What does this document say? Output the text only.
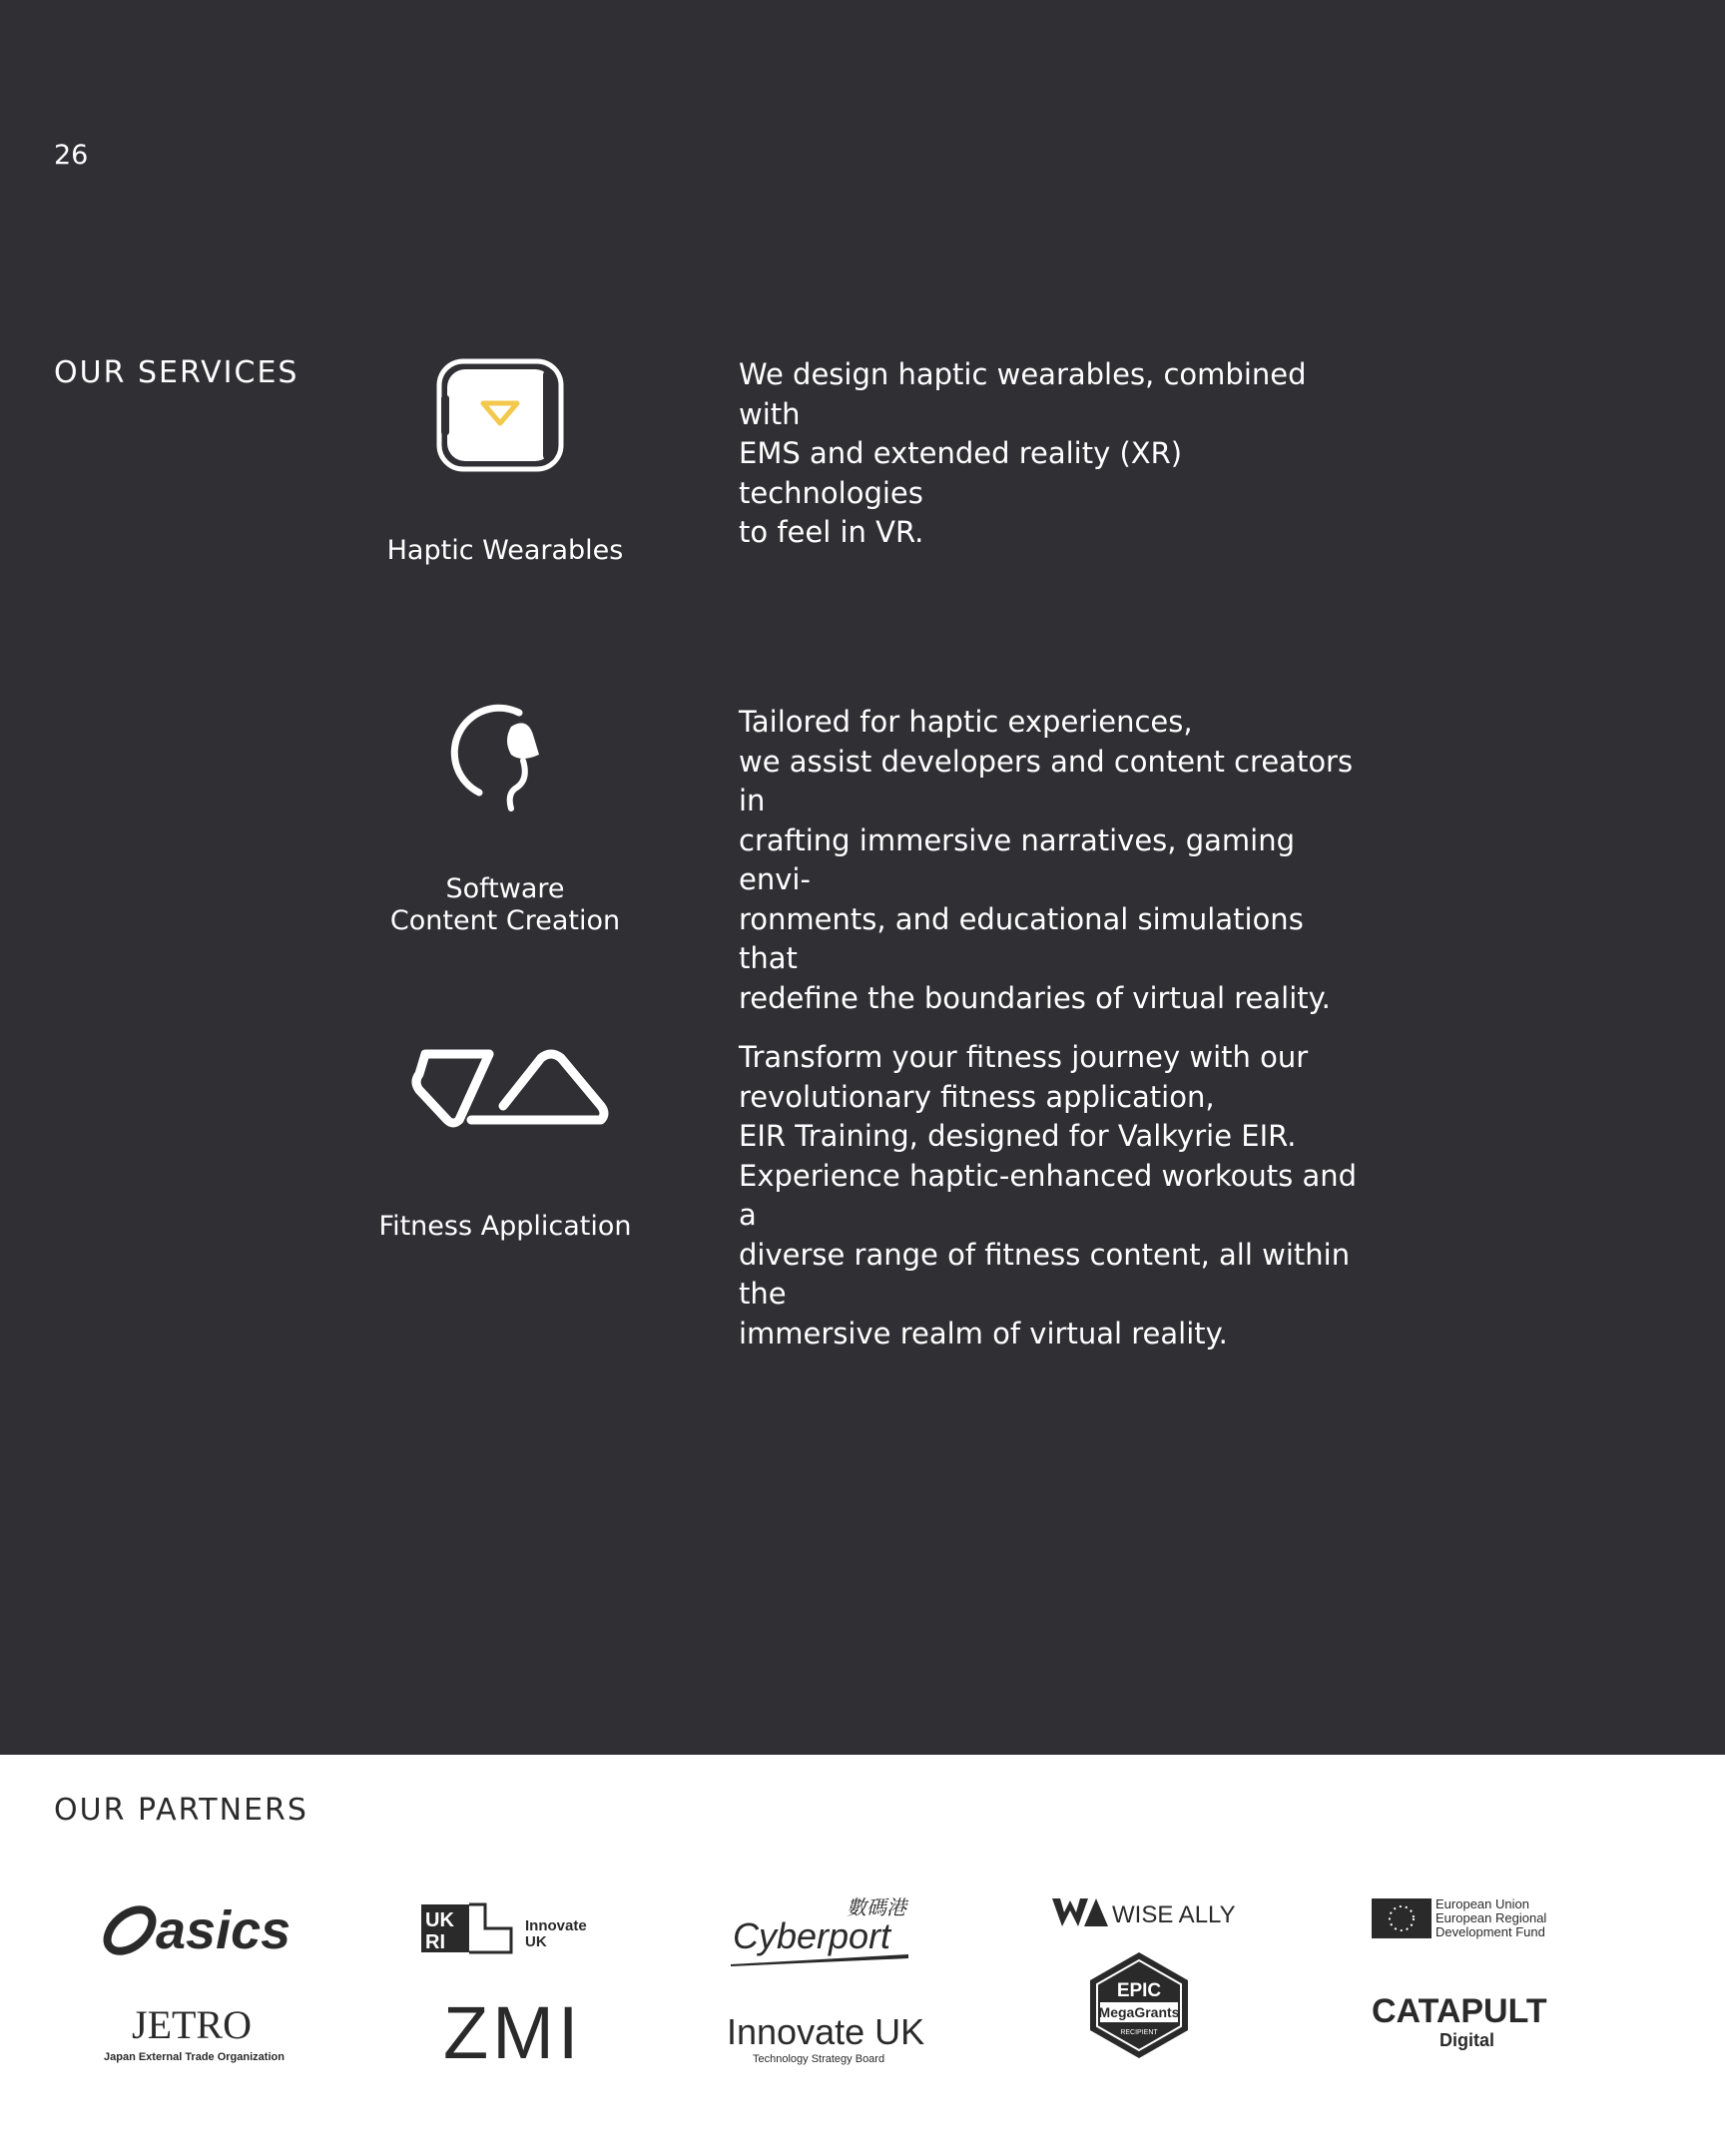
26
OUR SERVICES
Haptic Wearables
We design haptic wearables, combined with
EMS and extended reality (XR) technologies
to feel in VR.
Software
Content Creation
Tailored for haptic experiences,
we assist developers and content creators in
crafting immersive narratives, gaming envi-
ronments, and educational simulations that
redefine the boundaries of virtual reality.
Fitness Application
Transform your fitness journey with our
revolutionary fitness application,
EIR Training, designed for Valkyrie EIR.
Experience haptic-enhanced workouts and a
diverse range of fitness content, all within the
immersive realm of virtual reality.
OUR PARTNERS
asics	UK
RI
Innovate
UK
數碼港
Cyberport
WISE ALLY	European Union
European Regional
Development Fund
JETRO
Japan External Trade Organization ZMI	Innovate UK
Technology Strategy Board
EPIC
MegaGrants
RECIPIENT
CATAPULT
Digital
